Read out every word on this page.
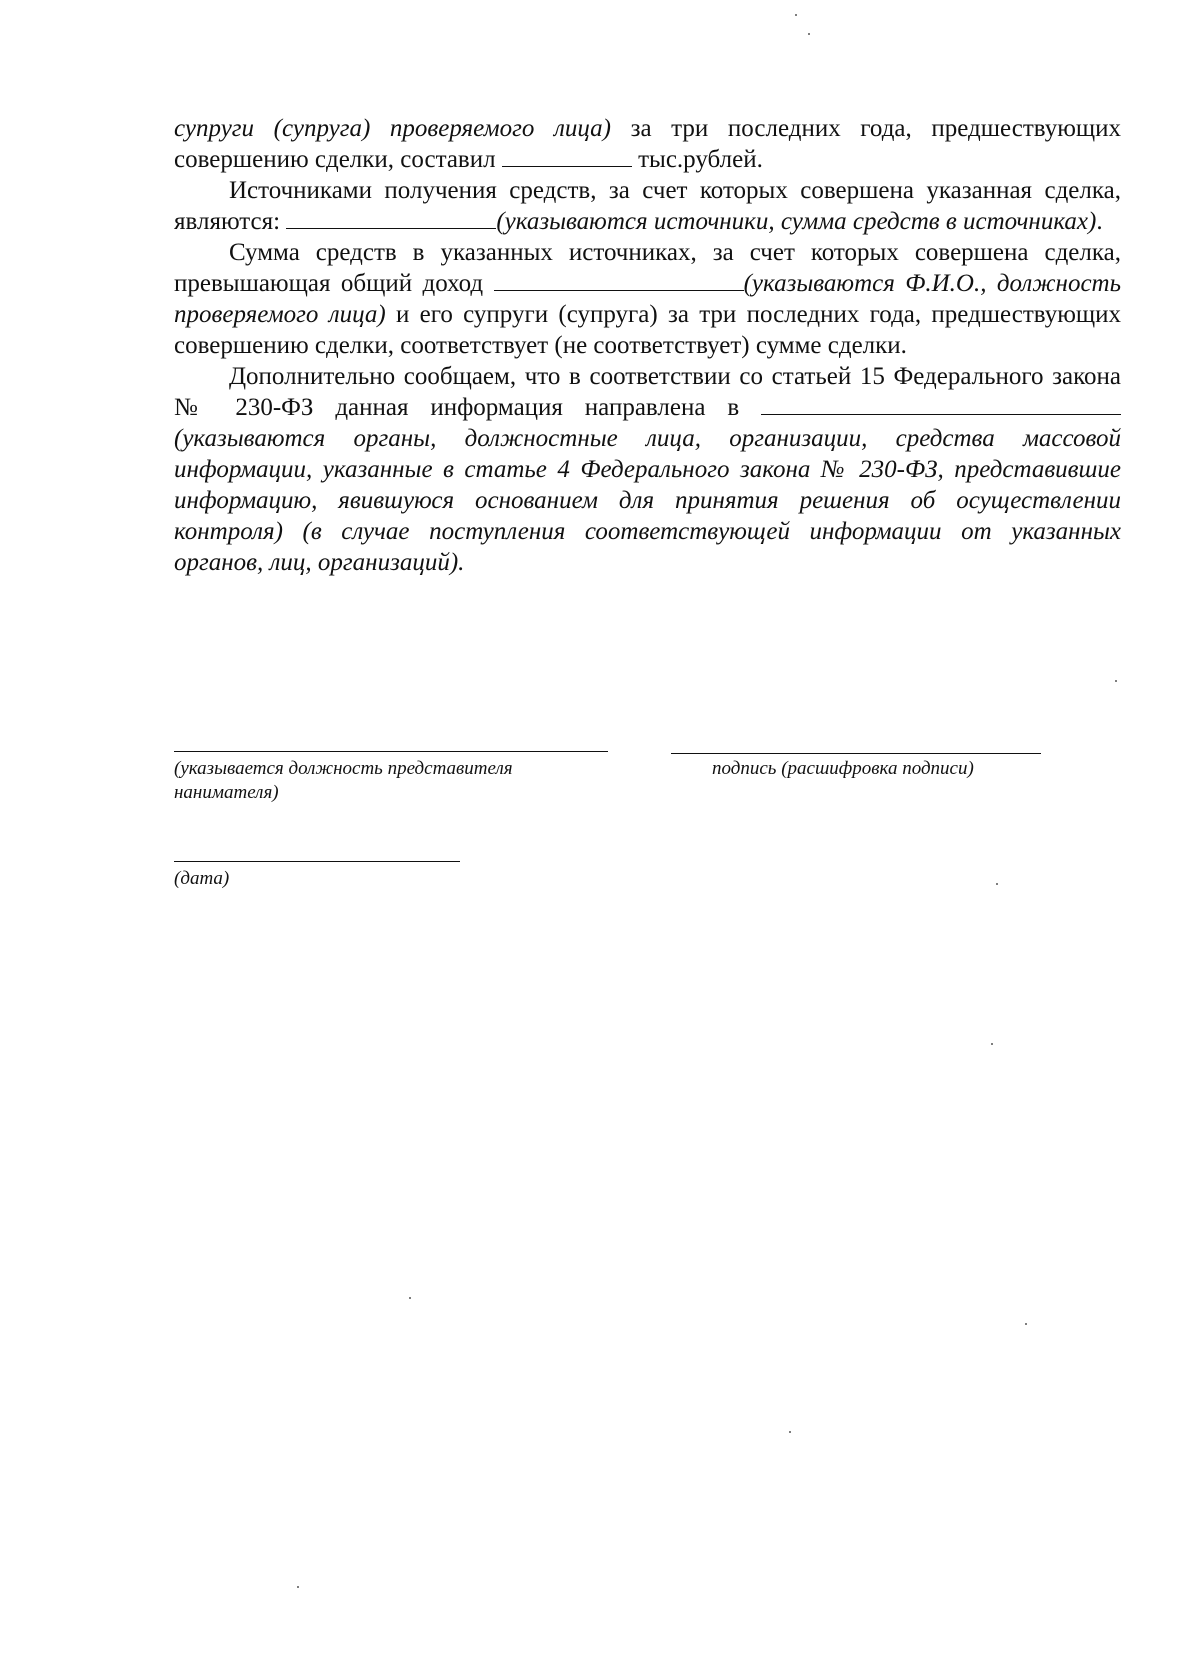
супруги (супруга) проверяемого лица) за три последних года, предшествующих совершению сделки, составил	тыс.рублей.

Источниками получения средств, за счет которых совершена указанная сделка, являются:	(указываются источники, сумма средств в источниках).

Сумма средств в указанных источниках, за счет которых совершена сделка, превышающая общий доход	(указываются Ф.И.О., должность проверяемого лица) и его супруги (супруга) за три последних года, предшествующих совершению сделки, соответствует (не соответствует) сумме сделки.

Дополнительно сообщаем, что в соответствии со статьей 15 Федерального закона № 230-ФЗ данная информация направлена в  (указываются органы, должностные лица, организации, средства массовой информации, указанные в статье 4 Федерального закона № 230-ФЗ, представившие информацию, явившуюся основанием для принятия решения об осуществлении контроля) (в случае поступления соответствующей информации от указанных органов, лиц, организаций).

(указывается должность представителя нанимателя)
подпись (расшифровка подписи)
(дата)
